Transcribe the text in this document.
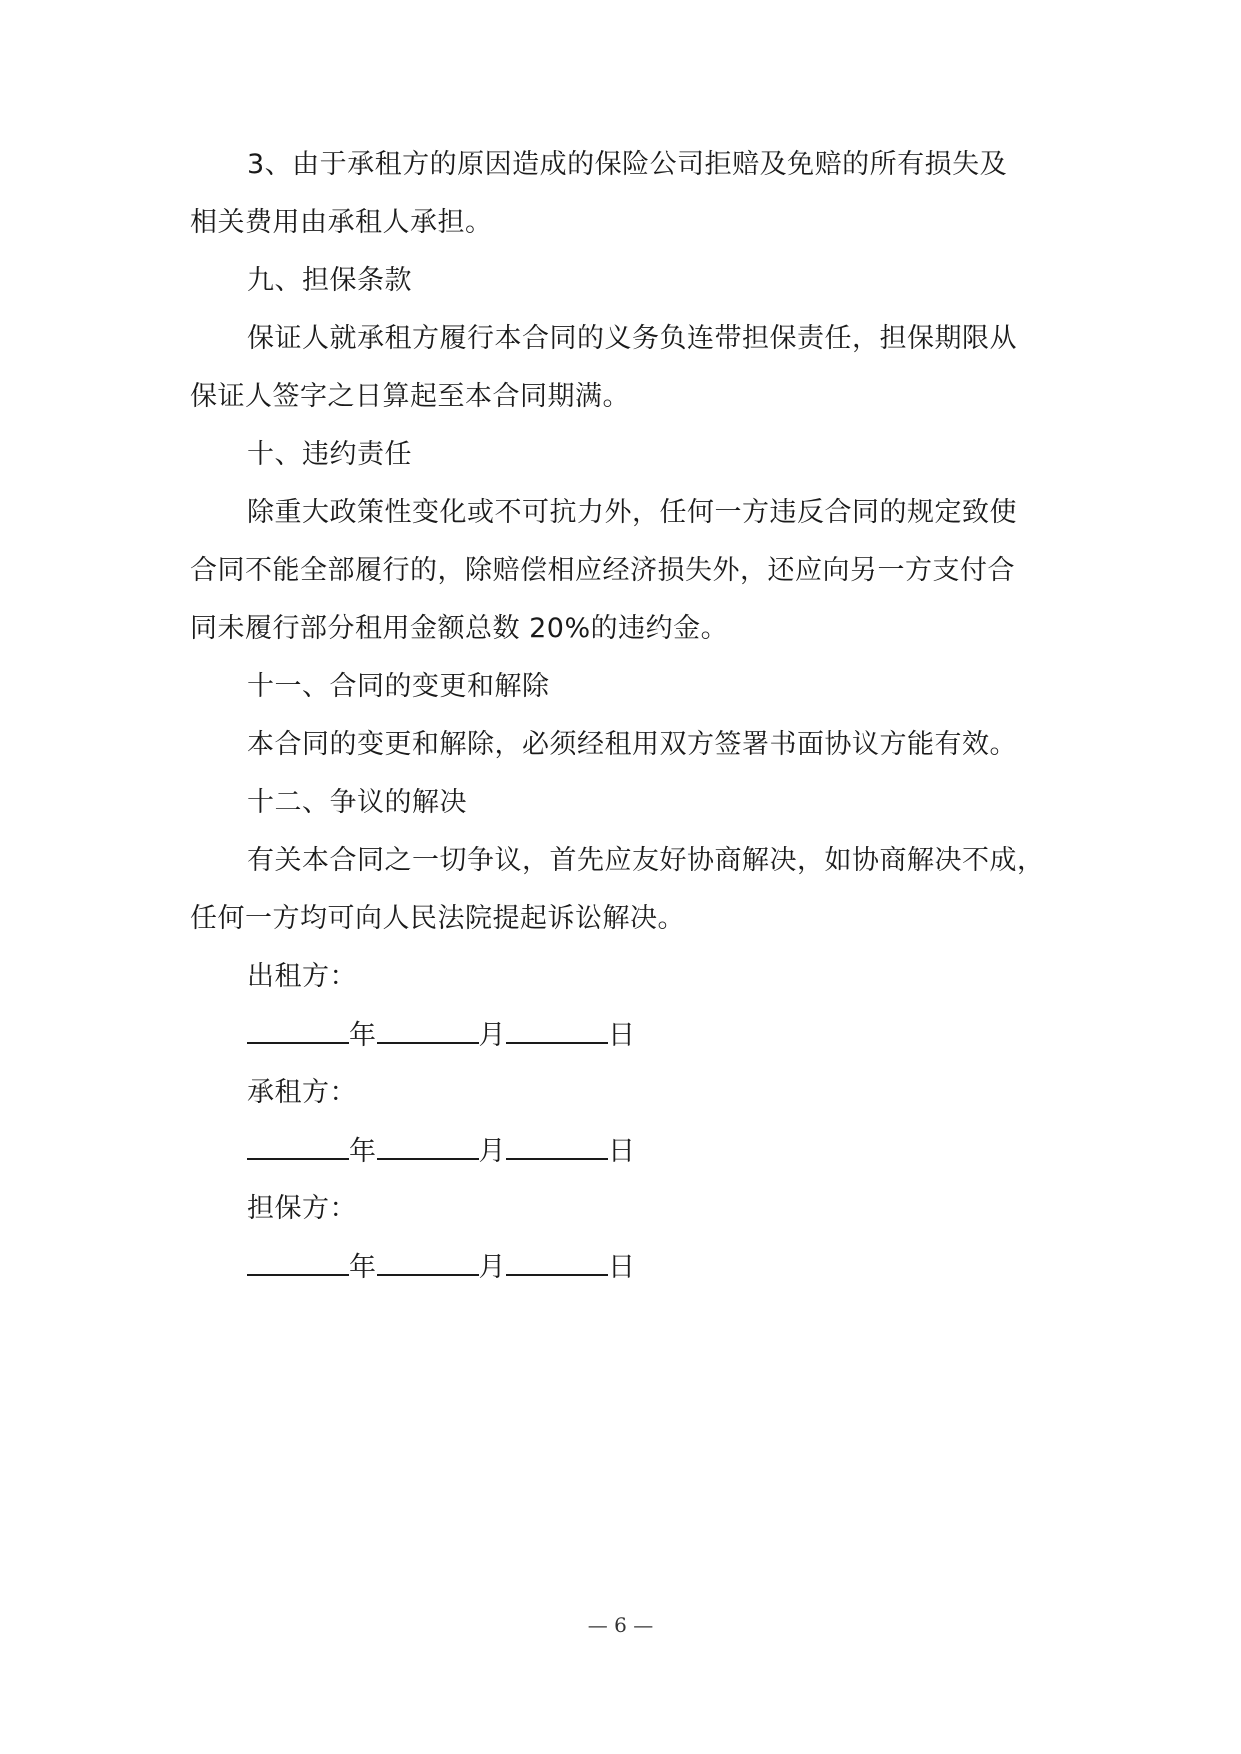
3、由于承租方的原因造成的保险公司拒赔及免赔的所有损失及
相关费用由承租人承担。
九、担保条款
保证人就承租方履行本合同的义务负连带担保责任，担保期限从
保证人签字之日算起至本合同期满。
十、违约责任
除重大政策性变化或不可抗力外，任何一方违反合同的规定致使
合同不能全部履行的，除赔偿相应经济损失外，还应向另一方支付合
同未履行部分租用金额总数 20%的违约金。
十一、合同的变更和解除
本合同的变更和解除，必须经租用双方签署书面协议方能有效。
十二、争议的解决
有关本合同之一切争议，首先应友好协商解决，如协商解决不成，
任何一方均可向人民法院提起诉讼解决。
出租方：
年	月	日
承租方：
年	月	日
担保方：
年	月	日
— 6 —
